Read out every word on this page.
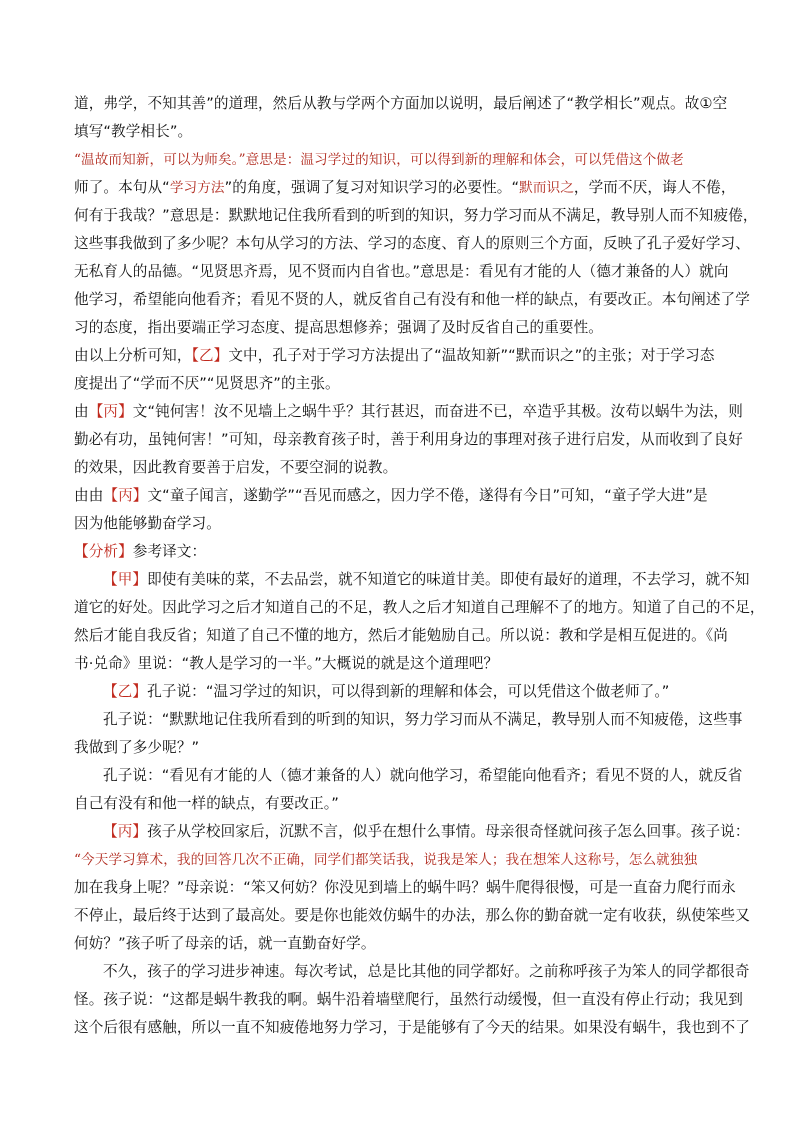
道，弗学，不知其善”的道理，然后从教与学两个方面加以说明，最后阐述了“教学相长”观点。故①空
填写“教学相长”。
“温故而知新，可以为师矣。”意思是：温习学过的知识，可以得到新的理解和体会，可以凭借这个做老
师了。本句从“学习方法”的角度，强调了复习对知识学习的必要性。“默而识之，学而不厌，诲人不倦，
何有于我哉？”意思是：默默地记住我所看到的听到的知识，努力学习而从不满足，教导别人而不知疲倦，
这些事我做到了多少呢？本句从学习的方法、学习的态度、育人的原则三个方面，反映了孔子爱好学习、
无私育人的品德。“见贤思齐焉，见不贤而内自省也。”意思是：看见有才能的人（德才兼备的人）就向
他学习，希望能向他看齐；看见不贤的人，就反省自己有没有和他一样的缺点，有要改正。本句阐述了学
习的态度，指出要端正学习态度、提高思想修养；强调了及时反省自己的重要性。
由以上分析可知，【乙】文中，孔子对于学习方法提出了“温故知新”“默而识之”的主张；对于学习态
度提出了“学而不厌”“见贤思齐”的主张。
由【丙】文“钝何害！汝不见墙上之蜗牛乎？其行甚迟，而奋进不已，卒造乎其极。汝苟以蜗牛为法，则
勤必有功，虽钝何害！”可知，母亲教育孩子时，善于利用身边的事理对孩子进行启发，从而收到了良好
的效果，因此教育要善于启发，不要空洞的说教。
由由【丙】文“童子闻言，遂勤学”“吾见而感之，因力学不倦，遂得有今日”可知，“童子学大进”是
因为他能够勤奋学习。
【分析】参考译文：
【甲】即使有美味的菜，不去品尝，就不知道它的味道甘美。即使有最好的道理，不去学习，就不知
道它的好处。因此学习之后才知道自己的不足，教人之后才知道自己理解不了的地方。知道了自己的不足，
然后才能自我反省；知道了自己不懂的地方，然后才能勉励自己。所以说：教和学是相互促进的。《尚
书·兑命》里说：“教人是学习的一半。”大概说的就是这个道理吧？
【乙】孔子说：“温习学过的知识，可以得到新的理解和体会，可以凭借这个做老师了。”
孔子说：“默默地记住我所看到的听到的知识，努力学习而从不满足，教导别人而不知疲倦，这些事
我做到了多少呢？”
孔子说：“看见有才能的人（德才兼备的人）就向他学习，希望能向他看齐；看见不贤的人，就反省
自己有没有和他一样的缺点，有要改正。”
【丙】孩子从学校回家后，沉默不言，似乎在想什么事情。母亲很奇怪就问孩子怎么回事。孩子说：
“今天学习算术，我的回答几次不正确，同学们都笑话我，说我是笨人；我在想笨人这称号，怎么就独独
加在我身上呢？”母亲说：“笨又何妨？你没见到墙上的蜗牛吗？蜗牛爬得很慢，可是一直奋力爬行而永
不停止，最后终于达到了最高处。要是你也能效仿蜗牛的办法，那么你的勤奋就一定有收获，纵使笨些又
何妨？”孩子听了母亲的话，就一直勤奋好学。
不久，孩子的学习进步神速。每次考试，总是比其他的同学都好。之前称呼孩子为笨人的同学都很奇
怪。孩子说：“这都是蜗牛教我的啊。蜗牛沿着墙壁爬行，虽然行动缓慢，但一直没有停止行动；我见到
这个后很有感触，所以一直不知疲倦地努力学习，于是能够有了今天的结果。如果没有蜗牛，我也到不了
